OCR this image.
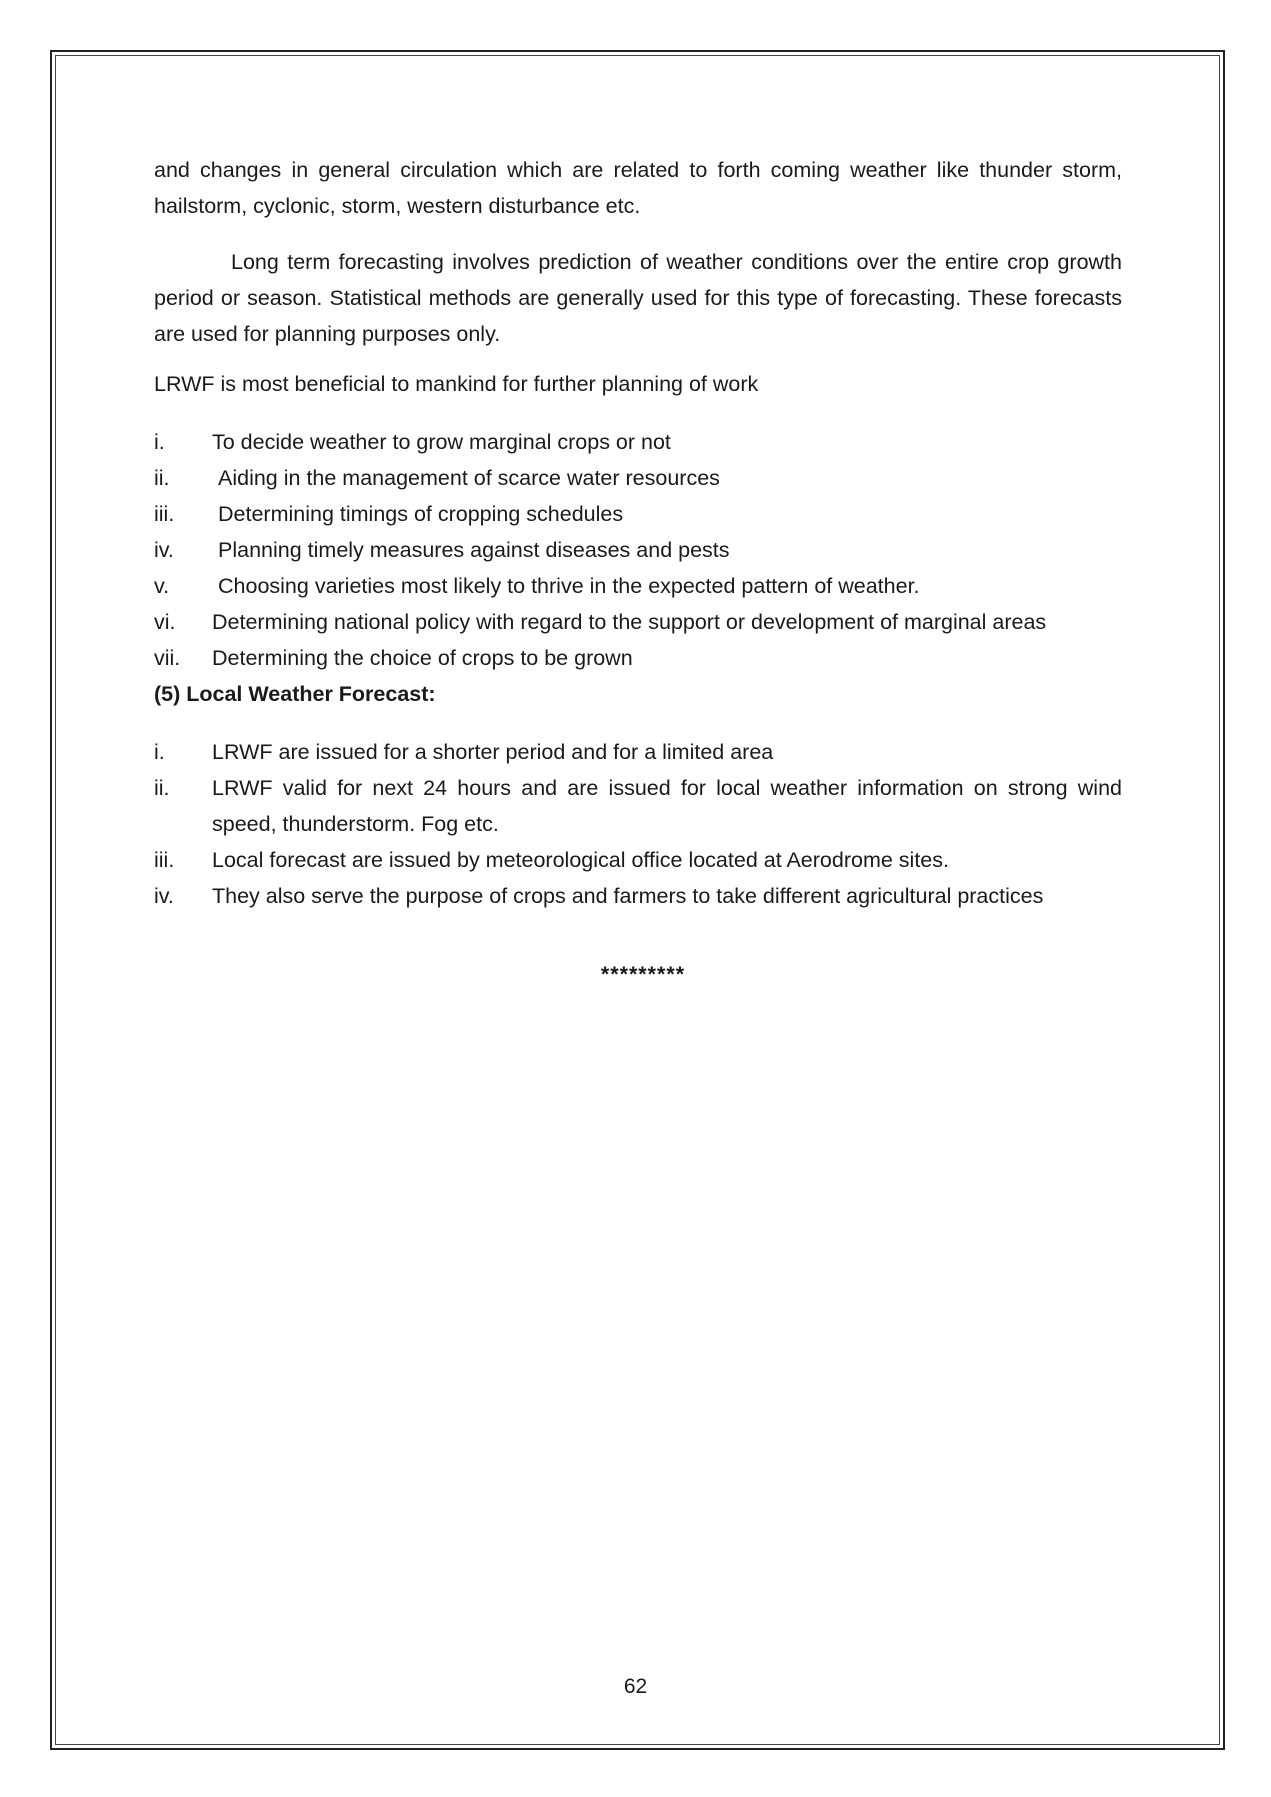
and changes in general circulation which are related to forth coming weather like thunder storm, hailstorm, cyclonic, storm, western disturbance etc.

Long term forecasting involves prediction of weather conditions over the entire crop growth period or season. Statistical methods are generally used for this type of forecasting. These forecasts are used for planning purposes only.

LRWF is most beneficial to mankind for further planning of work

i.	To decide weather to grow marginal crops or not
ii.	Aiding in the management of scarce water resources
iii.	Determining timings of cropping schedules
iv.	Planning timely measures against diseases and pests
v.	Choosing varieties most likely to thrive in the expected pattern of weather.
vi.	Determining national policy with regard to the support or development of marginal areas
vii.	Determining the choice of crops to be grown

(5) Local Weather Forecast:

i.	LRWF are issued for a shorter period and for a limited area
ii.	LRWF valid for next 24 hours and are issued for local weather information on strong wind speed, thunderstorm. Fog etc.
iii.	Local forecast are issued by meteorological office located at Aerodrome sites.
iv.	They also serve the purpose of crops and farmers to take different agricultural practices
*********
62
